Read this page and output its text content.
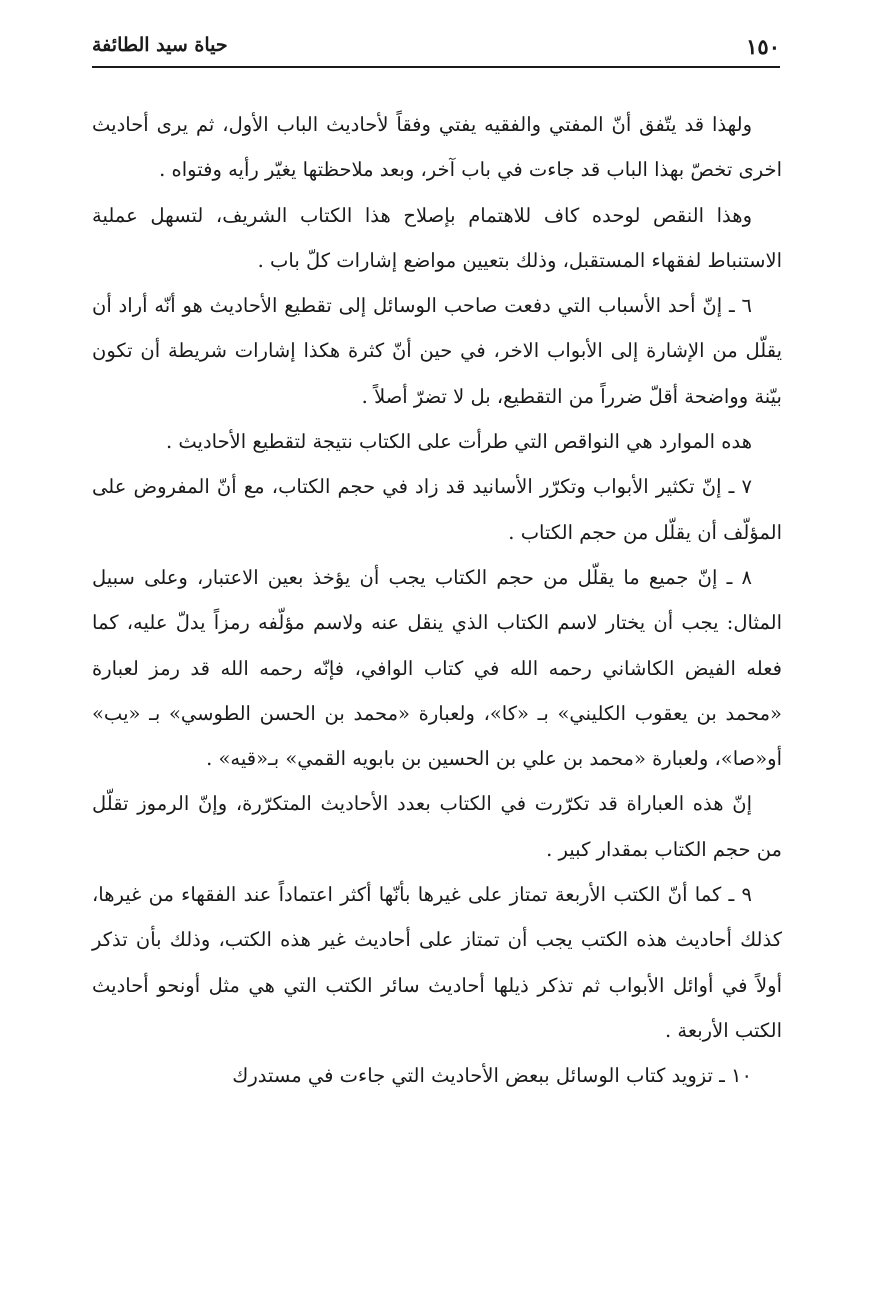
١٥٠
حياة سيد الطائفة

ولهذا قد يتّفق أنّ المفتي والفقيه يفتي وفقاً لأحاديث الباب الأول، ثم يرى أحاديث اخرى تخصّ بهذا الباب قد جاءت في باب آخر، وبعد ملاحظتها يغيّر رأيه وفتواه .

وهذا النقص لوحده كاف للاهتمام بإصلاح هذا الكتاب الشريف، لتسهل عملية الاستنباط لفقهاء المستقبل، وذلك بتعيين مواضع إشارات كلّ باب .

٦ ـ إنّ أحد الأسباب التي دفعت صاحب الوسائل إلى تقطيع الأحاديث هو أنّه أراد أن يقلّل من الإشارة إلى الأبواب الاخر، في حين أنّ كثرة هكذا إشارات شريطة أن تكون بيّنة وواضحة أقلّ ضرراً من التقطيع، بل لا تضرّ أصلاً .

هده الموارد هي النواقص التي طرأت على الكتاب نتيجة لتقطيع الأحاديث .

٧ ـ إنّ تكثير الأبواب وتكرّر الأسانيد قد زاد في حجم الكتاب، مع أنّ المفروض على المؤلّف أن يقلّل من حجم الكتاب .

٨ ـ إنّ جميع ما يقلّل من حجم الكتاب يجب أن يؤخذ بعين الاعتبار، وعلى سبيل المثال: يجب أن يختار لاسم الكتاب الذي ينقل عنه ولاسم مؤلّفه رمزاً يدلّ عليه، كما فعله الفيض الكاشاني رحمه الله في كتاب الوافي، فإنّه رحمه الله قد رمز لعبارة «محمد بن يعقوب الكليني» بـ «كا»، ولعبارة «محمد بن الحسن الطوسي» بـ «يب» أو«صا»، ولعبارة «محمد بن علي بن الحسين بن بابويه القمي» بـ«قيه» .

إنّ هذه العباراة قد تكرّرت في الكتاب بعدد الأحاديث المتكرّرة، وإنّ الرموز تقلّل من حجم الكتاب بمقدار كبير .

٩ ـ كما أنّ الكتب الأربعة تمتاز على غيرها بأنّها أكثر اعتماداً عند الفقهاء من غيرها، كذلك أحاديث هذه الكتب يجب أن تمتاز على أحاديث غير هذه الكتب، وذلك بأن تذكر أولاً في أوائل الأبواب ثم تذكر ذيلها أحاديث سائر الكتب التي هي مثل أونحو أحاديث الكتب الأربعة .

١٠ ـ تزويد كتاب الوسائل ببعض الأحاديث التي جاءت في مستدرك
